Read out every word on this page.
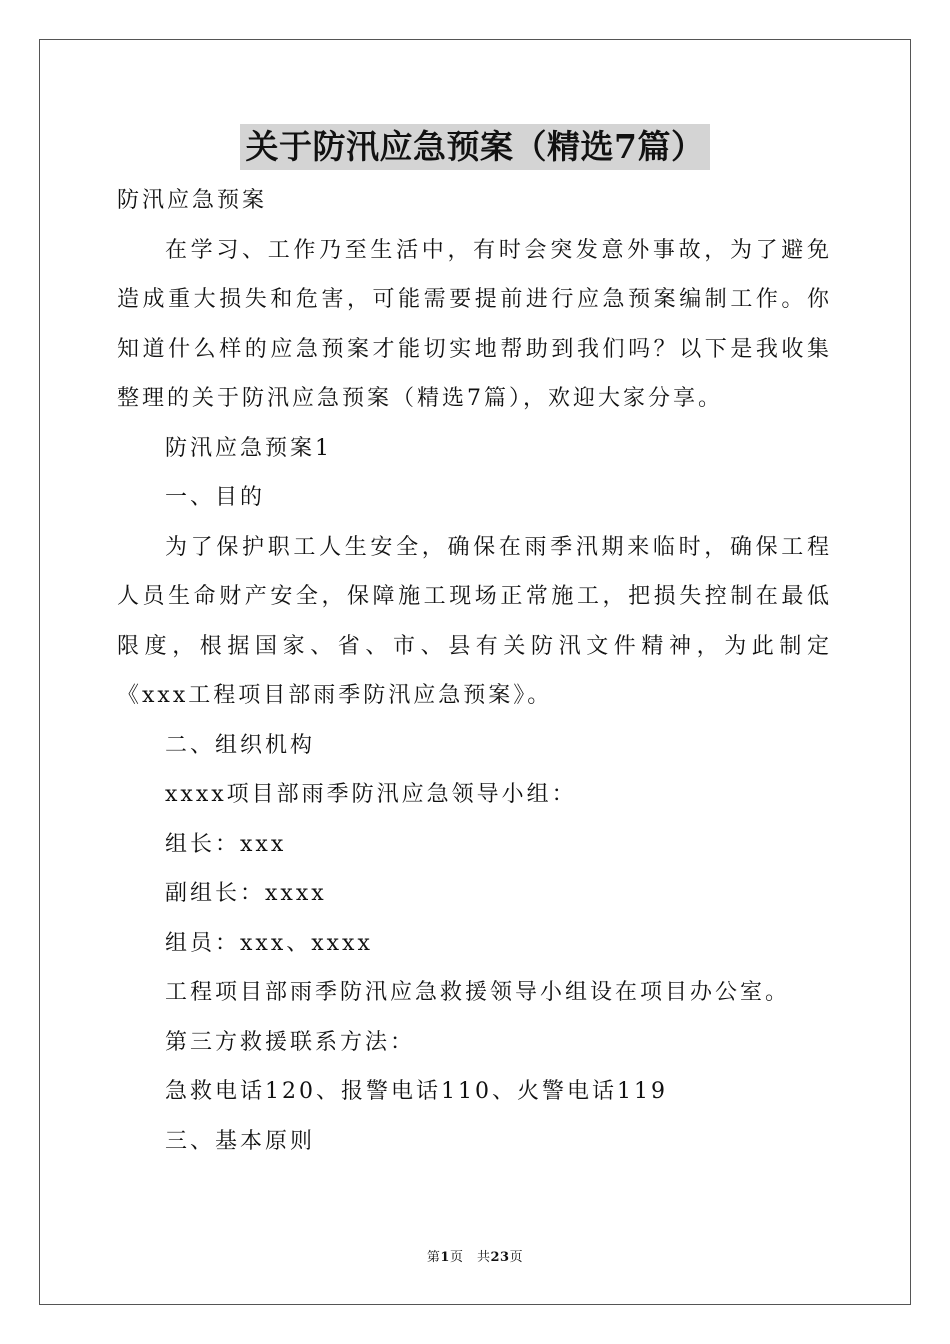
关于防汛应急预案（精选7篇）

防汛应急预案

在学习、工作乃至生活中，有时会突发意外事故，为了避免造成重大损失和危害，可能需要提前进行应急预案编制工作。你知道什么样的应急预案才能切实地帮助到我们吗？以下是我收集整理的关于防汛应急预案（精选7篇），欢迎大家分享。

防汛应急预案1

一、目的

为了保护职工人生安全，确保在雨季汛期来临时，确保工程人员生命财产安全，保障施工现场正常施工，把损失控制在最低限度，根据国家、省、市、县有关防汛文件精神，为此制定《xxx工程项目部雨季防汛应急预案》。

二、组织机构

xxxx项目部雨季防汛应急领导小组：

组长：xxx

副组长：xxxx

组员：xxx、xxxx

工程项目部雨季防汛应急救援领导小组设在项目办公室。

第三方救援联系方法：

急救电话120、报警电话110、火警电话119

三、基本原则

第1页　共23页
